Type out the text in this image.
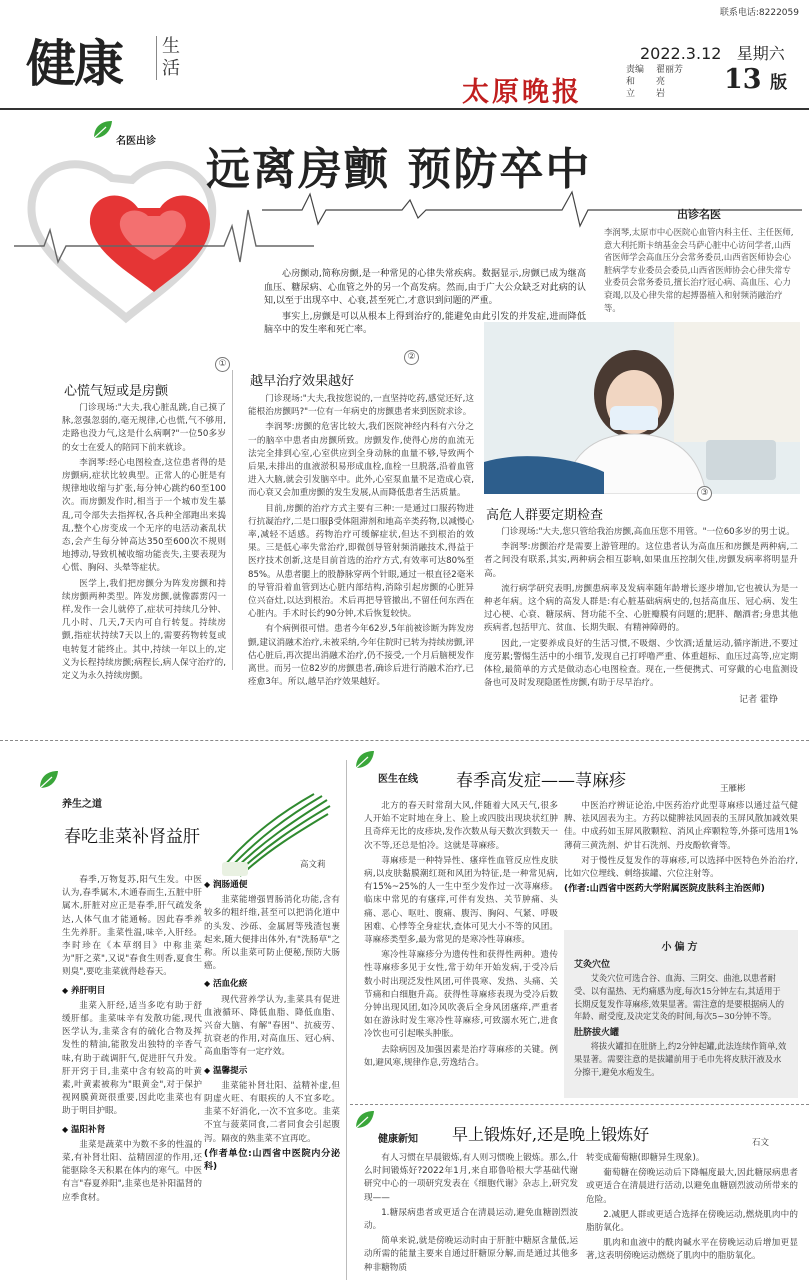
联系电话:8222059
健康	生活
2022.3.12 星期六
太原晚报
责编 翟丽芳
和 亮
立 岩	13 版
名医出诊
远离房颤 预防卒中
出诊名医
李润琴,太原市中心医院心血管内科主任、主任医师,意大利托斯卡纳基金会马萨心脏中心访问学者,山西省医师学会高血压分会常务委员,山西省医师协会心脏病学专业委员会委员,山西省医师协会心律失常专业委员会常务委员,擅长治疗冠心病、高血压、心力衰竭,以及心律失常的起搏器植入和射频消融治疗等。

心房颤动,简称房颤,是一种常见的心律失常疾病。数据显示,房颤已成为继高血压、糖尿病、心血管之外的另一个高发病。然而,由于广大公众缺乏对此病的认知,以至于出现卒中、心衰,甚至死亡,才意识到问题的严重。

事实上,房颤是可以从根本上得到治疗的,能避免由此引发的并发症,进而降低脑卒中的发生率和死亡率。

①
心慌气短或是房颤

门诊现场:"大夫,我心脏乱跳,自己摸了脉,忽强忽弱的,毫无规律,心也慌,气不够用,走路也没力气,这是什么病啊?"一位50多岁的女士在爱人的陪同下前来就诊。

李润琴:经心电图检查,这位患者得的是房颤病,症状比较典型。正常人的心脏是有规律地收缩与扩张,每分钟心跳约60至100次。而房颤发作时,相当于一个城市发生暴乱,司令部失去指挥权,各兵种全部跑出来捣乱,整个心房变成一个无序的电活动紊乱状态,会产生每分钟高达350至600次不规则地搏动,导致机械收缩功能丧失,主要表现为心慌、胸闷、头晕等症状。

医学上,我们把房颤分为阵发房颤和持续房颤两种类型。阵发房颤,就像霹雳闪一样,发作一会儿就停了,症状可持续几分钟、几小时、几天,7天内可自行转复。持续房颤,指症状持续7天以上的,需要药物转复或电转复才能终止。其中,持续一年以上的,定义为长程持续房颤;病程长,病人保守治疗的,定义为永久持续房颤。

②
越早治疗效果越好

门诊现场:"大夫,我按您说的,一直坚持吃药,感觉还好,这能根治房颤吗?"一位有一年病史的房颤患者来到医院求诊。

李润琴:房颤的危害比较大,我们医院神经内科有六分之一的脑卒中患者由房颤所致。房颤发作,使得心房的血流无法完全排到心室,心室供应到全身动脉的血量不够,导致两个后果,未排出的血液淤积易形成血栓,血栓一旦脱落,沿着血管进入大脑,就会引发脑卒中。此外,心室泵血量不足造成心衰,而心衰又会加重房颤的发生发展,从而降低患者生活质量。

目前,房颤的治疗方式主要有三种:一是通过口服药物进行抗凝治疗,二是口服β受体阻滞剂和地高辛类药物,以减慢心率,减轻不适感。药物治疗可缓解症状,但达不到根治的效果。三是低心率失常治疗,即微创导管射频消融技术,得益于医疗技术创新,这是目前首选的治疗方式,有效率可达80%至85%。从患者腿上的股静脉穿两个针眼,通过一根直径2毫米的导管沿着血管到达心脏内部结构,消除引起房颤的心脏异位兴奋灶,以达到根治。术后再把导管撤出,不留任何东西在心脏内。手术时长约90分钟,术后恢复较快。

有个病例很可惜。患者今年62岁,5年前被诊断为阵发房颤,建议消融术治疗,未被采纳,今年住院时已转为持续房颤,评估心脏后,再次提出消融术治疗,仍不接受,一个月后脑梗发作离世。而另一位82岁的房颤患者,确诊后进行消融术治疗,已痊愈3年。所以,越早治疗效果越好。

③
高危人群要定期检查

门诊现场:"大夫,您只管给我治房颤,高血压您不用管。"一位60多岁的男士说。

李润琴:房颤治疗是需要上游管理的。这位患者认为高血压和房颤是两种病,二者之间没有联系,其实,两种病会相互影响,如果血压控制欠佳,房颤发病率将明显升高。

流行病学研究表明,房颤患病率及发病率随年龄增长逐步增加,它也被认为是一种老年病。这个病的高发人群是:有心脏基础病病史的,包括高血压、冠心病、发生过心梗、心衰、糖尿病、肾功能不全、心脏瓣膜有问题的;肥胖、酗酒者;身患其他疾病者,包括甲亢、贫血、长期失眠、有精神障碍的。

因此,一定要养成良好的生活习惯,不吸烟、少饮酒;适量运动,循序渐进,不要过度劳累;警惕生活中的小细节,发现自己打呼噜严重、体重超标、血压过高等,应定期体检,最简单的方式是做动态心电图检查。现在,一些便携式、可穿戴的心电监测设备也可及时发现隐匿性房颤,有助于尽早治疗。

记者 霍铮
养生之道
春吃韭菜补肾益肝
高文莉

春季,万物复苏,阳气生发。中医认为,春季属木,木通春而生,五脏中肝属木,肝脏对应正是春季,肝气疏发条达,人体气血才能通畅。因此春季养生先养肝。韭菜性温,味辛,入肝经。李时珍在《本草纲目》中称韭菜为"肝之菜",又说"春食生则香,夏食生则臭",要吃韭菜就得趁春天。

◆ 养肝明目

韭菜入肝经,适当多吃有助于舒缓肝郁。韭菜味辛有发散功能,现代医学认为,韭菜含有的硫化合物及挥发性的精油,能散发出独特的辛香气味,有助于疏调肝气,促进肝气升发。肝开窍于目,韭菜中含有较高的叶黄素,叶黄素被称为"眼黄金",对于保护视网膜黄斑很重要,因此吃韭菜也有助于明目护眼。

◆ 温阳补肾

韭菜是蔬菜中为数不多的性温的菜,有补肾壮阳、益精固涩的作用,还能驱除冬天积累在体内的寒气。中医有言"春夏养阳",韭菜也是补阳温肾的应季食材。

◆ 润肠通便

韭菜能增强胃肠消化功能,含有较多的粗纤维,甚至可以把消化道中的头发、沙砾、金属屑等残渣包裹起来,随大便排出体外,有"洗肠草"之称。所以韭菜可防止便秘,预防大肠癌。

◆ 活血化瘀

现代营养学认为,韭菜具有促进血液循环、降低血脂、降低血脂、兴奋大脑、有解"春困"、抗疲劳、抗衰老的作用,对高血压、冠心病、高血脂等有一定疗效。

◆ 温馨提示

韭菜能补肾壮阳、益精补虚,但阴虚火旺、有眼疾的人不宜多吃。韭菜不好消化,一次不宜多吃。韭菜不宜与菠菜同食,二者同食会引起腹泻。隔夜的熟韭菜不宜再吃。

(作者单位:山西省中医院内分泌科)

医生在线 春季高发症——荨麻疹	王雁彬

北方的春天时常刮大风,伴随着大风天气,很多人开始不定时地在身上、脸上或四肢出现块状红肿且奇痒无比的皮疹块,发作次数从每天数次到数天一次不等,还总是怕冷。这就是荨麻疹。

荨麻疹是一种特异性、瘙痒性血管反应性皮肤病,以皮肤黏膜潮红斑和风团为特征,是一种常见病,有15%~25%的人一生中至少发作过一次荨麻疹。临床中常见的有瘙痒,可伴有发热、关节肿痛、头痛、恶心、呕吐、腹痛、腹泻、胸闷、气紧、呼吸困难、心悸等全身症状,查体可见大小不等的风团。荨麻疹类型多,最为常见的是寒冷性荨麻疹。

寒冷性荨麻疹分为遗传性和获得性两种。遗传性荨麻疹多见于女性,常于幼年开始发病,于受冷后数小时出现泛发性风团,可伴畏寒、发热、头痛、关节痛和白细胞升高。获得性荨麻疹表现为受冷后数分钟出现风团,如冷风吹袭后全身风团瘙痒,严重者如在游泳时发生寒冷性荨麻疹,可致溺水死亡,进食冷饮也可引起喉头肿胀。

去除病因及加强因素是治疗荨麻疹的关键。例如,避风寒,规律作息,劳逸结合。

中医治疗辨证论治,中医药治疗此型荨麻疹以通过益气健脾、祛风固表为主。方药以健脾祛风固表的玉屏风散加减效果佳。中成药如玉屏风散颗粒、消风止痒颗粒等,外搽可选用1%薄荷三黄洗剂、炉甘石洗剂、丹皮酚软膏等。

对于慢性反复发作的荨麻疹,可以选择中医特色外治治疗,比如穴位埋线、刺络拔罐、穴位注射等。

(作者:山西省中医药大学附属医院皮肤科主治医师)

小偏方
艾灸穴位
艾灸穴位可选合谷、血海、三阴交、曲池,以患者耐受、以有温热、无灼痛感为度,每次15分钟左右,其适用于长期反复发作荨麻疹,效果显著。需注意的是要根据病人的年龄、耐受度,及决定艾灸的时间,每次5~30分钟不等。
肚脐拔火罐
将拔火罐扣在肚脐上,约2分钟起罐,此法连续作简单,效果显著。需要注意的是拔罐前用于毛巾先将皮肤汗液及水分擦干,避免水疱发生。
健康新知 早上锻炼好,还是晚上锻炼好	石文

有人习惯在早晨锻炼,有人则习惯晚上锻炼。那么,什么时间锻炼好?2022年1月,来自耶鲁哈根大学基础代谢研究中心的一项研究发表在《细胞代谢》杂志上,研究发现——

1.糖尿病患者或更适合在清晨运动,避免血糖剧烈波动。

简单来说,就是傍晚运动时由于肝脏中糖原含量低,运动所需的能量主要来自通过肝糖原分解,而是通过其他多种非糖物质

转变成葡萄糖(即糖异生现象)。

葡萄糖在傍晚运动后下降幅度最大,因此糖尿病患者或更适合在清晨进行活动,以避免血糖剧烈波动所带来的危险。

2.减肥人群或更适合选择在傍晚运动,燃烧肌肉中的脂肪氧化。

肌肉和血液中的酰肉碱水平在傍晚运动后增加更显著,这表明傍晚运动燃烧了肌肉中的脂肪氧化。
